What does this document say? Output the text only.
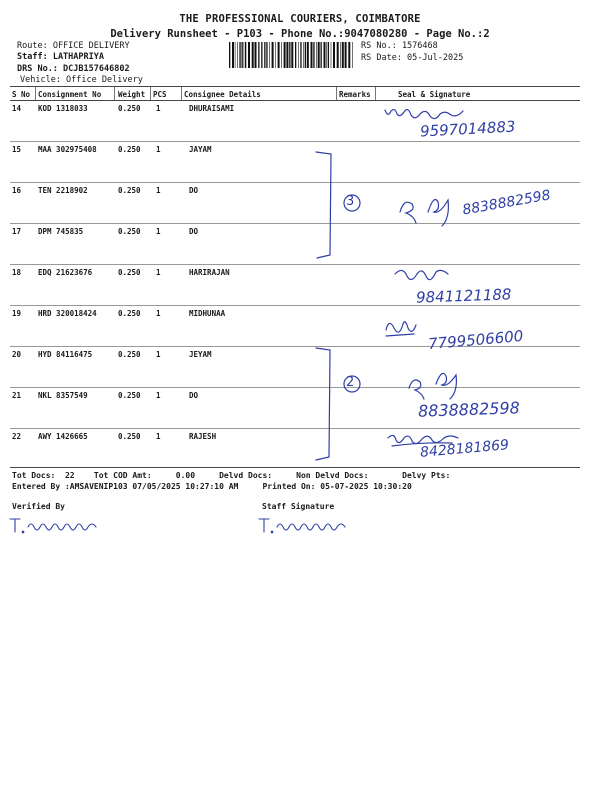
THE PROFESSIONAL COURIERS, COIMBATORE
Delivery Runsheet - P103 - Phone No.:9047080280 - Page No.:2
Route: OFFICE DELIVERY
Staff: LATHAPRIYA
DRS No.: DCJB157646802
Vehicle: Office Delivery
RS No.: 1576468
RS Date: 05-Jul-2025
S No Consignment No Weight PCS Consignee Details	Remarks	Seal & Signature
14 KOD 1318033	0.250 1	DHURAISAMI
15 MAA 302975408	0.250 1	JAYAM
16 TEN 2218902	0.250 1	DO
17 DPM 745835	0.250 1	DO
18 EDQ 21623676	0.250 1	HARIRAJAN
19 HRD 320018424	0.250 1	MIDHUNAA
20 HYD 84116475	0.250 1	JEYAM
21 NKL 8357549	0.250 1	DO
22 AWY 1426665	0.250 1	RAJESH
9597014883
8838882598
9841121188
7799506600
8838882598
8428181869
3
2
Tot Docs:  22    Tot COD Amt:     0.00     Delvd Docs:     Non Delvd Docs:       Delvy Pts:
Entered By :AMSAVENIP103 07/05/2025 10:27:10 AM     Printed On: 05-07-2025 10:30:20
Verified By	Staff Signature
